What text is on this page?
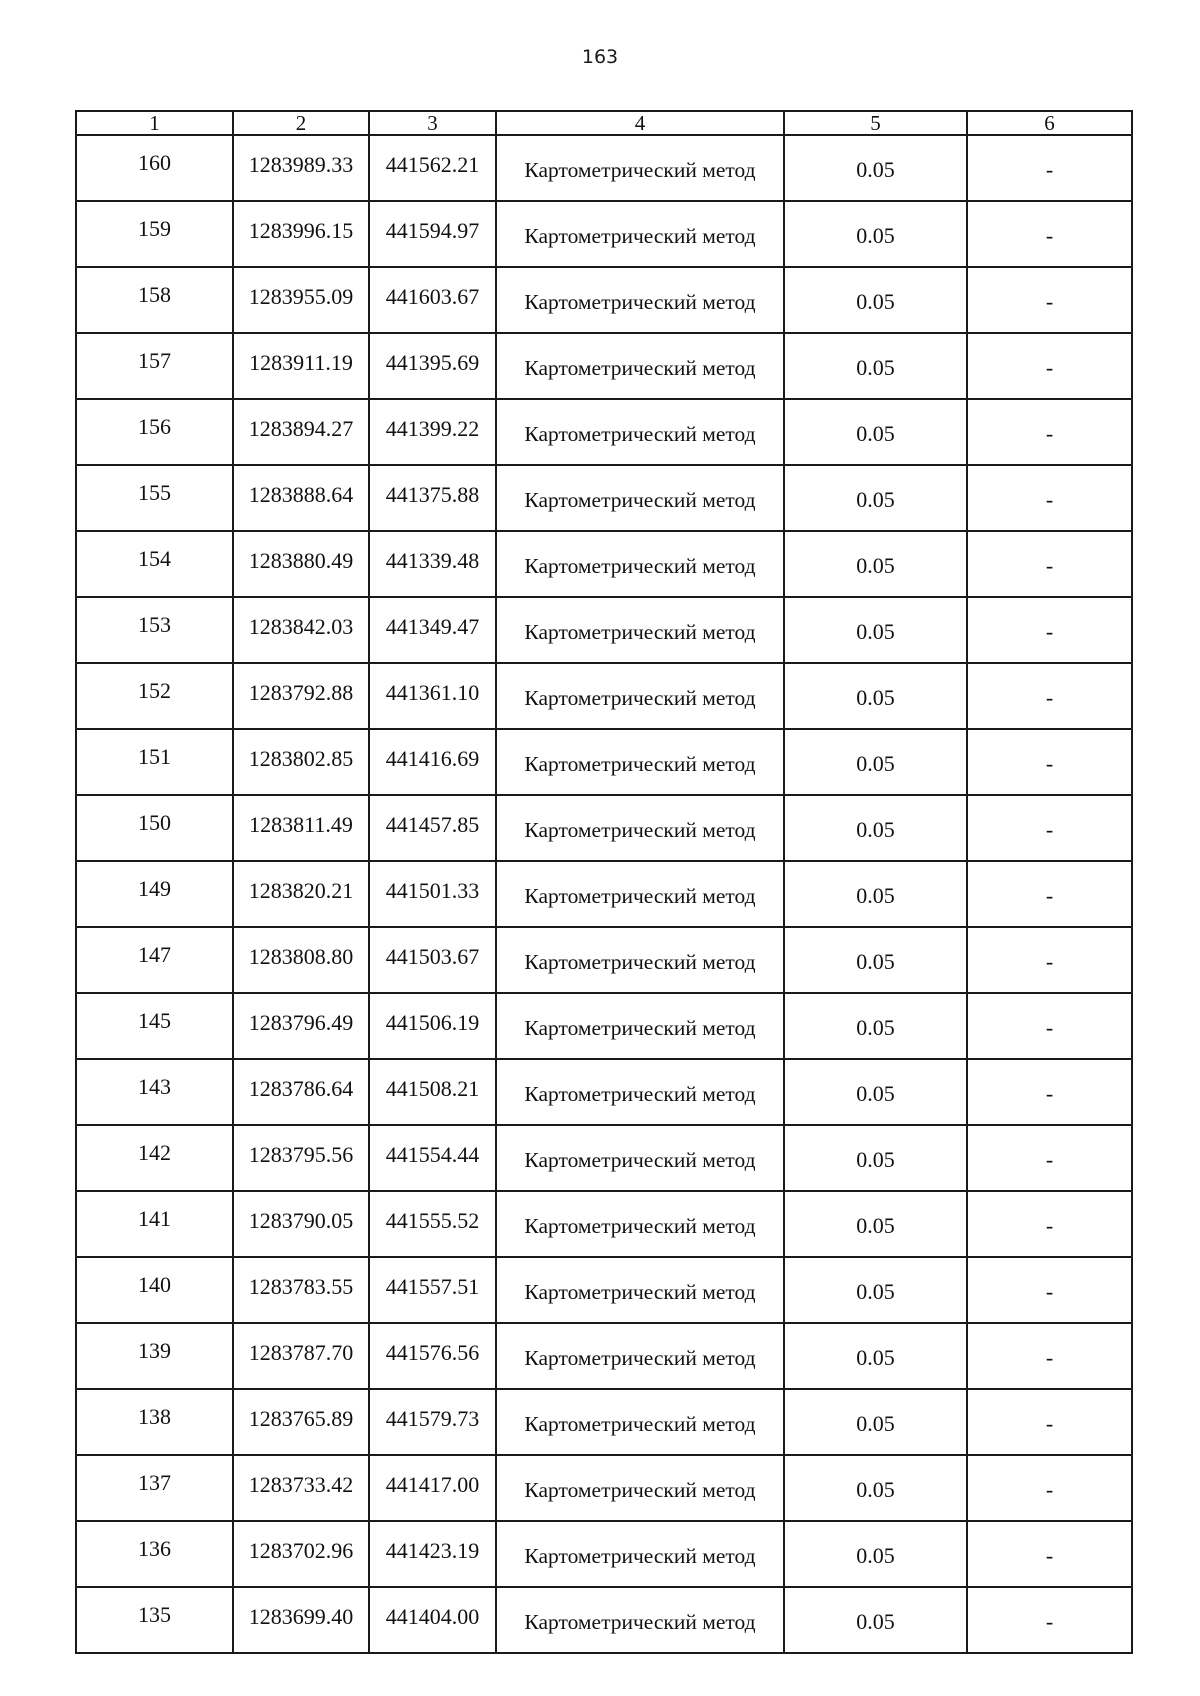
163
1	2	3	4	5	6
160	1283989.33	441562.21	Картометрический метод	0.05	-
159	1283996.15	441594.97	Картометрический метод	0.05	-
158	1283955.09	441603.67	Картометрический метод	0.05	-
157	1283911.19	441395.69	Картометрический метод	0.05	-
156	1283894.27	441399.22	Картометрический метод	0.05	-
155	1283888.64	441375.88	Картометрический метод	0.05	-
154	1283880.49	441339.48	Картометрический метод	0.05	-
153	1283842.03	441349.47	Картометрический метод	0.05	-
152	1283792.88	441361.10	Картометрический метод	0.05	-
151	1283802.85	441416.69	Картометрический метод	0.05	-
150	1283811.49	441457.85	Картометрический метод	0.05	-
149	1283820.21	441501.33	Картометрический метод	0.05	-
147	1283808.80	441503.67	Картометрический метод	0.05	-
145	1283796.49	441506.19	Картометрический метод	0.05	-
143	1283786.64	441508.21	Картометрический метод	0.05	-
142	1283795.56	441554.44	Картометрический метод	0.05	-
141	1283790.05	441555.52	Картометрический метод	0.05	-
140	1283783.55	441557.51	Картометрический метод	0.05	-
139	1283787.70	441576.56	Картометрический метод	0.05	-
138	1283765.89	441579.73	Картометрический метод	0.05	-
137	1283733.42	441417.00	Картометрический метод	0.05	-
136	1283702.96	441423.19	Картометрический метод	0.05	-
135	1283699.40	441404.00	Картометрический метод	0.05	-
